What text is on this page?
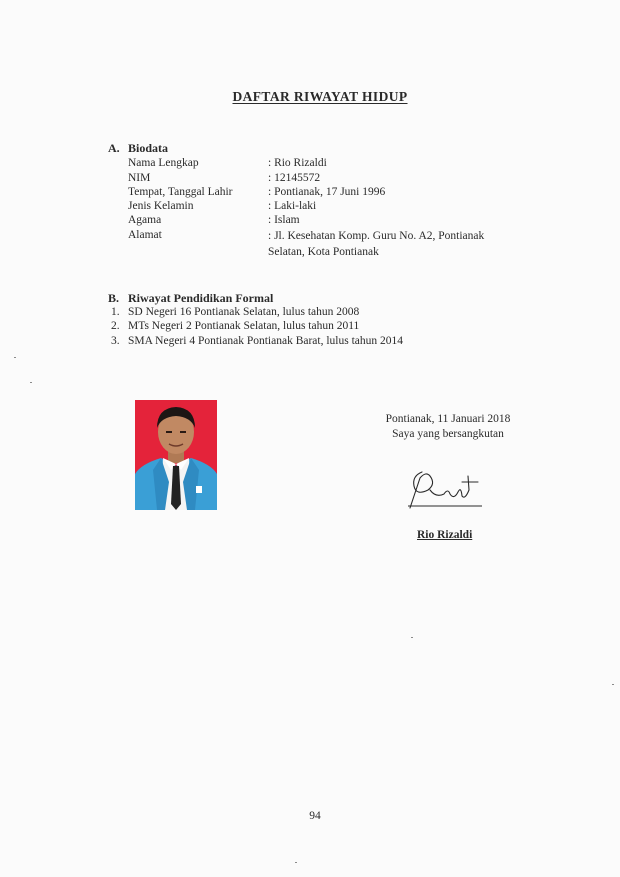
DAFTAR RIWAYAT HIDUP
A. Biodata
Nama Lengkap	: Rio Rizaldi
NIM	: 12145572
Tempat, Tanggal Lahir	: Pontianak, 17 Juni 1996
Jenis Kelamin	: Laki-laki
Agama	: Islam
Alamat	: Jl. Kesehatan Komp. Guru No. A2, Pontianak Selatan, Kota Pontianak
B. Riwayat Pendidikan Formal
1. SD Negeri 16 Pontianak Selatan, lulus tahun 2008
2. MTs Negeri 2 Pontianak Selatan, lulus tahun 2011
3. SMA Negeri 4 Pontianak Pontianak Barat, lulus tahun 2014
Pontianak, 11 Januari 2018
Saya yang bersangkutan
Rio Rizaldi
94
